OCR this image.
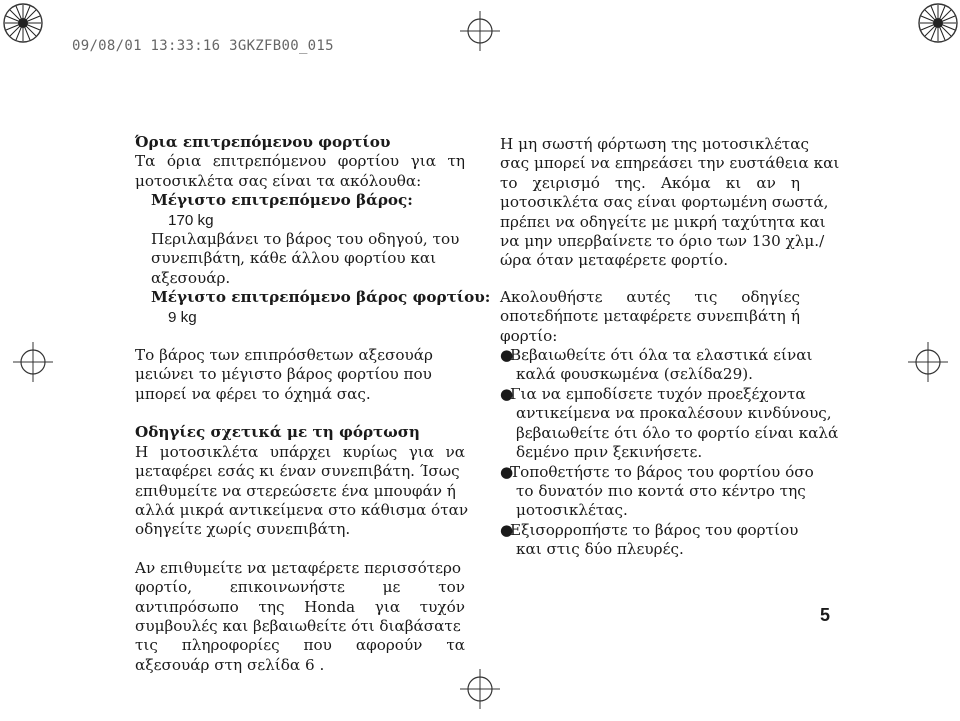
09/08/01 13:33:16 3GKZFB00_015
Όρια επιτρεπόμενου φορτίου
Τα όρια επιτρεπόμενου φορτίου για τη
μοτοσικλέτα σας είναι τα ακόλουθα:
Μέγιστο επιτρεπόμενο βάρος:
170 kg
Περιλαμβάνει το βάρος του οδηγού, του
συνεπιβάτη, κάθε άλλου φορτίου και
αξεσουάρ.
Μέγιστο επιτρεπόμενο βάρος φορτίου:
9 kg
Το βάρος των επιπρόσθετων αξεσουάρ
μειώνει το μέγιστο βάρος φορτίου που
μπορεί να φέρει το όχημά σας.
Οδηγίες σχετικά με τη φόρτωση
Η μοτοσικλέτα υπάρχει κυρίως για να
μεταφέρει εσάς κι έναν συνεπιβάτη. Ίσως
επιθυμείτε να στερεώσετε ένα μπουφάν ή
αλλά μικρά αντικείμενα στο κάθισμα όταν
οδηγείτε χωρίς συνεπιβάτη.
Αν επιθυμείτε να μεταφέρετε περισσότερο
φορτίο, επικοινωνήστε με τον
αντιπρόσωπο της Honda για τυχόν
συμβουλές και βεβαιωθείτε ότι διαβάσατε
τις πληροφορίες που αφορούν τα
αξεσουάρ στη σελίδα 6 .
Η μη σωστή φόρτωση της μοτοσικλέτας
σας μπορεί να επηρεάσει την ευστάθεια και
το χειρισμό της. Ακόμα κι αν η
μοτοσικλέτα σας είναι φορτωμένη σωστά,
πρέπει να οδηγείτε με μικρή ταχύτητα και
να μην υπερβαίνετε το όριο των 130 χλμ./
ώρα όταν μεταφέρετε φορτίο.
Ακολουθήστε αυτές τις οδηγίες
οποτεδήποτε μεταφέρετε συνεπιβάτη ή
φορτίο:
●Βεβαιωθείτε ότι όλα τα ελαστικά είναι
καλά φουσκωμένα (σελίδα29).
●Για να εμποδίσετε τυχόν προεξέχοντα
αντικείμενα να προκαλέσουν κινδύνους,
βεβαιωθείτε ότι όλο το φορτίο είναι καλά
δεμένο πριν ξεκινήσετε.
●Τοποθετήστε το βάρος του φορτίου όσο
το δυνατόν πιο κοντά στο κέντρο της
μοτοσικλέτας.
●Εξισορροπήστε το βάρος του φορτίου
και στις δύο πλευρές.
5
